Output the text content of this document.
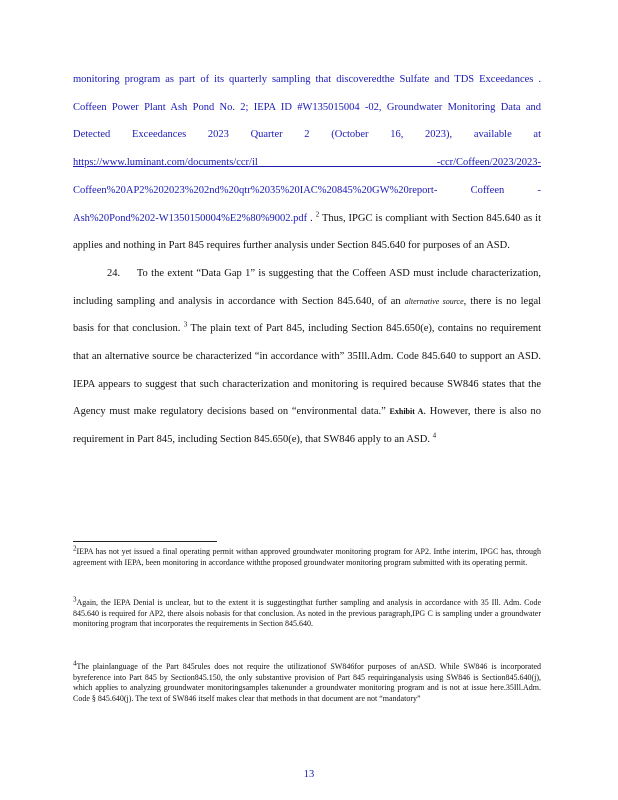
monitoring program as part of its quarterly sampling that discoveredthe Sulfate and TDS Exceedances . Coffeen Power Plant Ash Pond No. 2; IEPA ID #W135015004 -02, Groundwater Monitoring Data and Detected Exceedances 2023 Quarter 2 (October 16, 2023), available at https://www.luminant.com/documents/ccr/il -ccr/Coffeen/2023/2023- Coffeen%20AP2%202023%202nd%20qtr%2035%20IAC%20845%20GW%20report- Coffeen - Ash%20Pond%202-W1350150004%E2%80%9002.pdf . $^2$ Thus, IPGC is compliant with Section 845.640 as it applies and nothing in Part 845 requires further analysis under Section 845.640 for purposes of an ASD.

24. To the extent “Data Gap 1” is suggesting that the Coffeen ASD must include characterization, including sampling and analysis in accordance with Section 845.640, of an alternative source, there is no legal basis for that conclusion. $^3$ The plain text of Part 845, including Section 845.650(e), contains no requirement that an alternative source be characterized “in accordance with” 35Ill.Adm. Code 845.640 to support an ASD. IEPA appears to suggest that such characterization and monitoring is required because SW846 states that the Agency must make regulatory decisions based on “environmental data.” Exhibit A. However, there is also no requirement in Part 845, including Section 845.650(e), that SW846 apply to an ASD. $^4$

2IEPA has not yet issued a final operating permit withan approved groundwater monitoring program for AP2. Inthe interim, IPGC has, through agreement with IEPA, been monitoring in accordance withthe proposed groundwater monitoring program submitted with its operating permit.

3Again, the IEPA Denial is unclear, but to the extent it is suggestingthat further sampling and analysis in accordance with 35 Ill. Adm. Code 845.640 is required for AP2, there alsois nobasis for that conclusion. As noted in the previous paragraph,IPG C is sampling under a groundwater monitoring program that incorporates the requirements in Section 845.640.

4The plainlanguage of the Part 845rules does not require the utilizationof SW846for purposes of anASD. While SW846 is incorporated byreference into Part 845 by Section845.150, the only substantive provision of Part 845 requiringanalysis using SW846 is Section845.640(j), which applies to analyzing groundwater monitoringsamples takenunder a groundwater monitoring program and is not at issue here.35Ill.Adm. Code § 845.640(j). The text of SW846 itself makes clear that methods in that document are not “mandatory”

13
